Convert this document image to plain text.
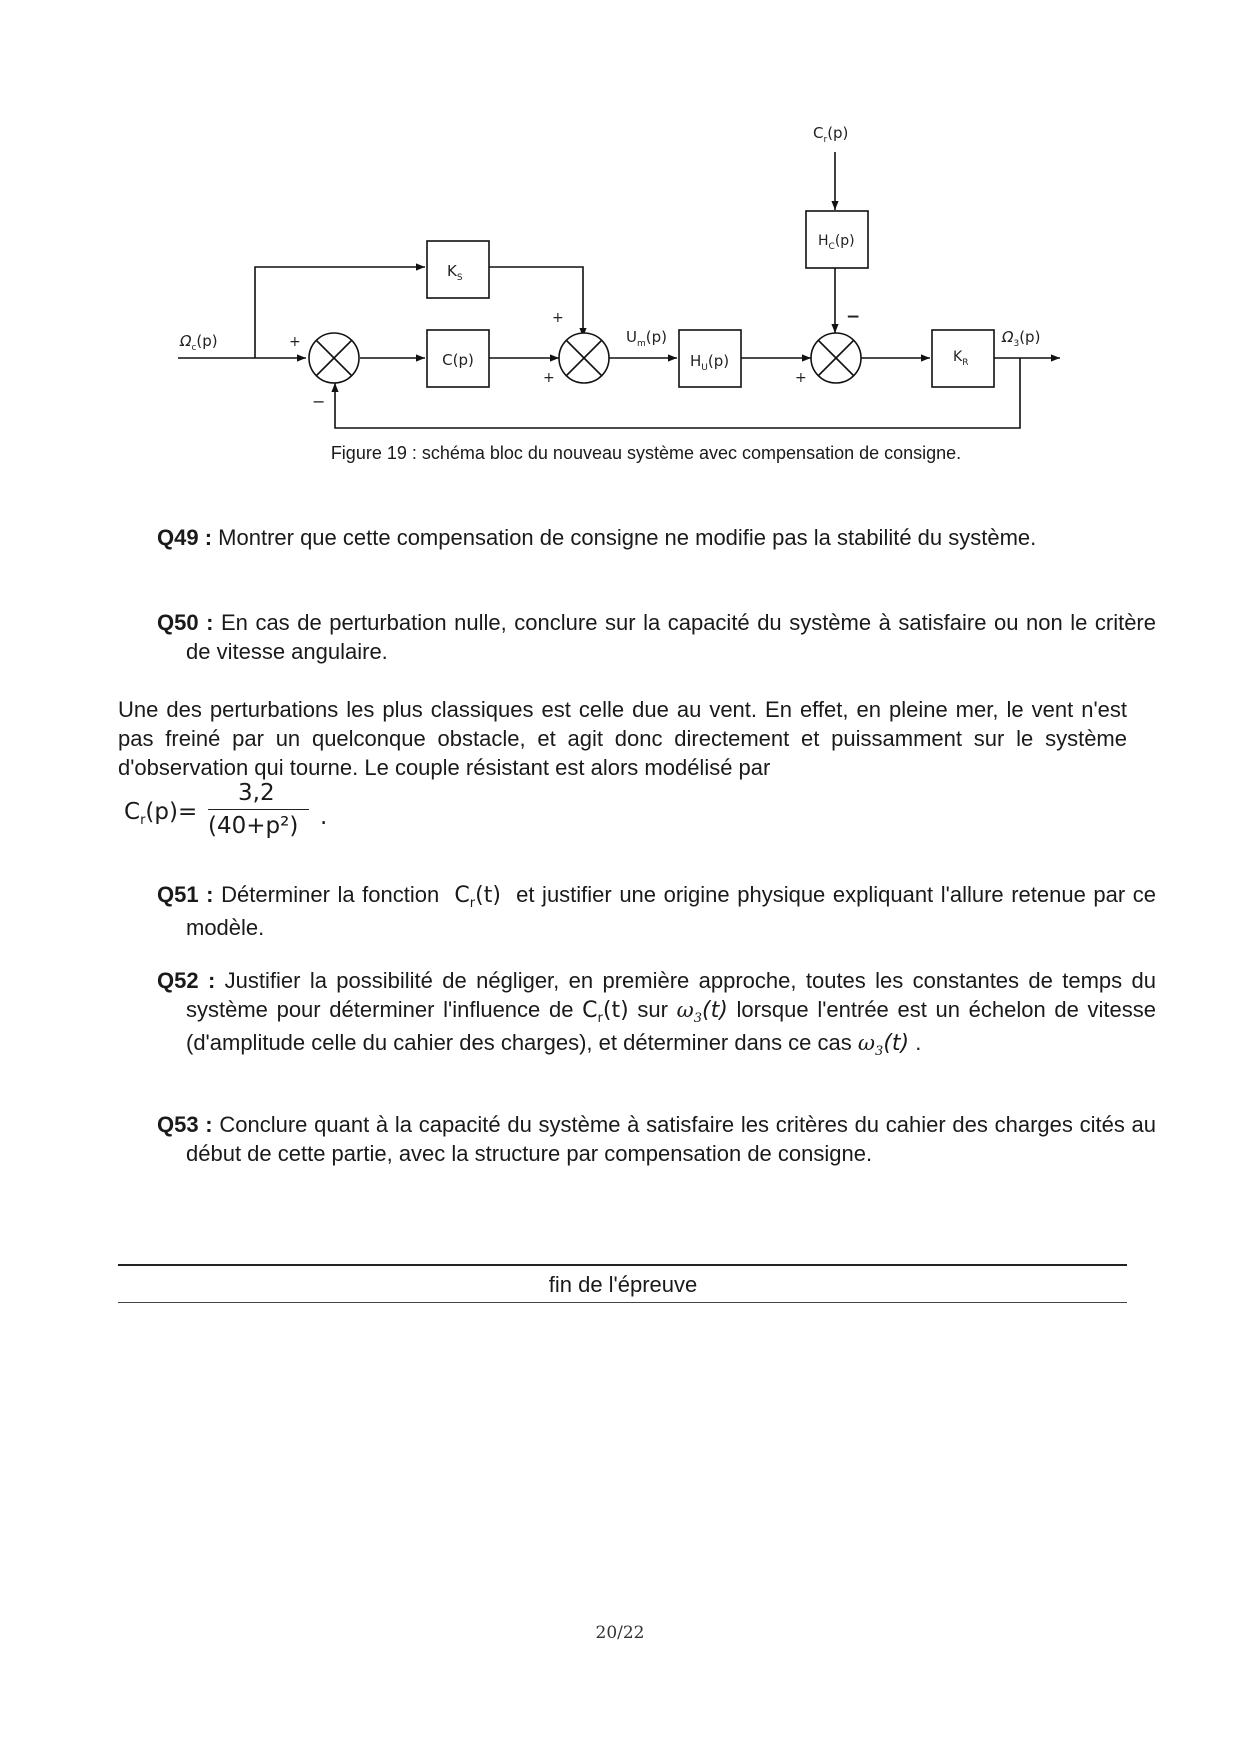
$K_S$
C(p)	$H_U(p)$
$H_C(p)$
$K_R$
$C_r(p)$
$\Omega_c(p)$	$U_m(p)$	$\Omega_3(p)$
+
−
+
+	+
−
Figure 19 : schéma bloc du nouveau système avec compensation de consigne.
Q49 : Montrer que cette compensation de consigne ne modifie pas la stabilité du système.
Q50 : En cas de perturbation nulle, conclure sur la capacité du système à satisfaire ou non le critère de vitesse angulaire.
Une des perturbations les plus classiques est celle due au vent. En effet, en pleine mer, le vent n'est pas freiné par un quelconque obstacle, et agit donc directement et puissamment sur le système d'observation qui tourne. Le couple résistant est alors modélisé par
$C_r(p)=$
3,2
(40+p²) .
Q51 : Déterminer la fonction $C_r(t)$ et justifier une origine physique expliquant l'allure retenue par ce modèle.
Q52 : Justifier la possibilité de négliger, en première approche, toutes les constantes de temps du système pour déterminer l'influence de $C_r(t)$ sur $\omega_3(t)$ lorsque l'entrée est un échelon de vitesse (d'amplitude celle du cahier des charges), et déterminer dans ce cas $\omega_3(t)$ .
Q53 : Conclure quant à la capacité du système à satisfaire les critères du cahier des charges cités au début de cette partie, avec la structure par compensation de consigne.
fin de l'épreuve
20/22
